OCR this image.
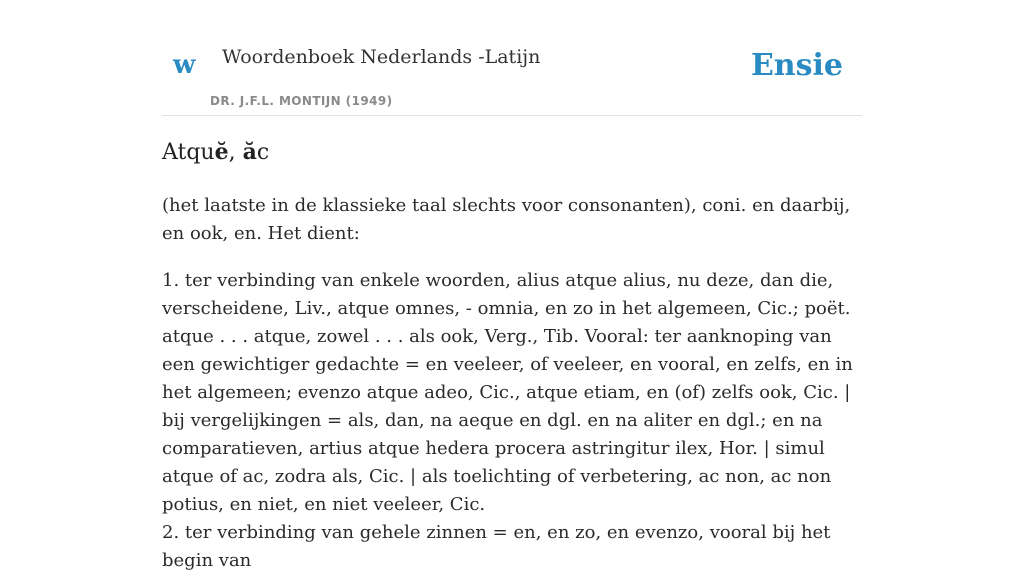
w Woordenboek Nederlands -Latijn
DR. J.F.L. MONTIJN (1949)
Ensie
Atquĕ, ăc

(het laatste in de klassieke taal slechts voor consonanten), coni. en daarbij, en ook, en. Het dient:

1. ter verbinding van enkele woorden, alius atque alius, nu deze, dan die, verscheidene, Liv., atque omnes, - omnia, en zo in het algemeen, Cic.; poët. atque . . . atque, zowel . . . als ook, Verg., Tib. Vooral: ter aanknoping van een gewichtiger gedachte = en veeleer, of veeleer, en vooral, en zelfs, en in het algemeen; evenzo atque adeo, Cic., atque etiam, en (of) zelfs ook, Cic. | bij vergelijkingen = als, dan, na aeque en dgl. en na aliter en dgl.; en na comparatieven, artius atque hedera procera astringitur ilex, Hor. | simul atque of ac, zodra als, Cic. | als toelichting of verbetering, ac non, ac non potius, en niet, en niet veeleer, Cic.

2. ter verbinding van gehele zinnen = en, en zo, en evenzo, vooral bij het begin van
